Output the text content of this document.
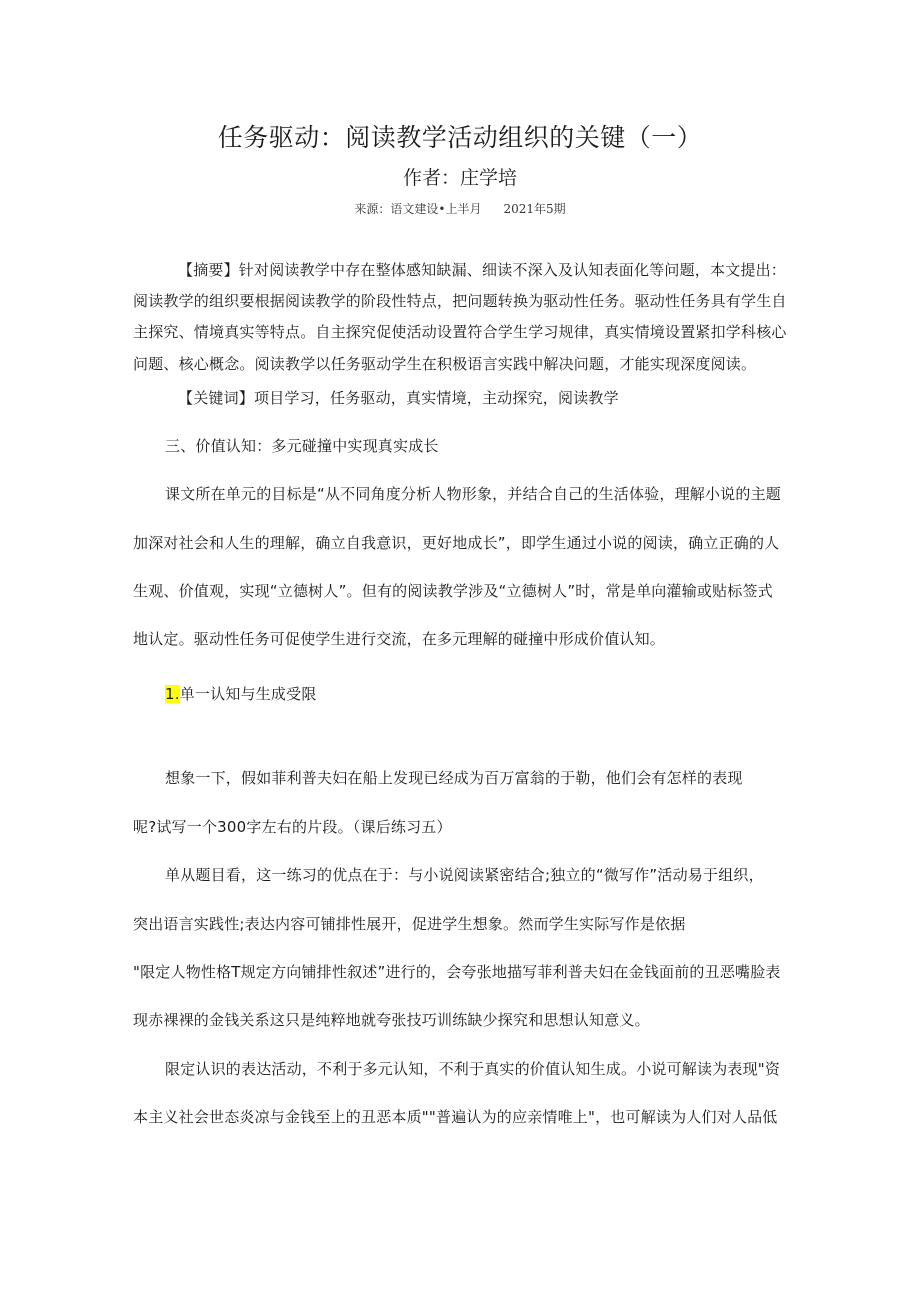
任务驱动：阅读教学活动组织的关键（一）
作者：庄学培
来源：语文建设•上半月 2021年5期
【摘要】针对阅读教学中存在整体感知缺漏、细读不深入及认知表面化等问题，本文提出：
阅读教学的组织要根据阅读教学的阶段性特点，把问题转换为驱动性任务。驱动性任务具有学生自
主探究、情境真实等特点。自主探究促使活动设置符合学生学习规律，真实情境设置紧扣学科核心
问题、核心概念。阅读教学以任务驱动学生在积极语言实践中解决问题，才能实现深度阅读。
【关键词】项目学习，任务驱动，真实情境，主动探究，阅读教学
三、价值认知：多元碰撞中实现真实成长
课文所在单元的目标是“从不同角度分析人物形象，并结合自己的生活体验，理解小说的主题
加深对社会和人生的理解，确立自我意识，更好地成长”，即学生通过小说的阅读，确立正确的人
生观、价值观，实现“立德树人”。但有的阅读教学涉及“立德树人”时，常是单向灌输或贴标签式
地认定。驱动性任务可促使学生进行交流，在多元理解的碰撞中形成价值认知。
1.单一认知与生成受限
想象一下，假如菲利普夫妇在船上发现已经成为百万富翁的于勒，他们会有怎样的表现
呢?试写一个300字左右的片段。（课后练习五）
单从题目看，这一练习的优点在于：与小说阅读紧密结合;独立的“微写作”活动易于组织，
突出语言实践性;表达内容可铺排性展开，促进学生想象。然而学生实际写作是依据
"限定人物性格T规定方向铺排性叙述”进行的，会夸张地描写菲利普夫妇在金钱面前的丑恶嘴脸表
现赤裸裸的金钱关系这只是纯粹地就夸张技巧训练缺少探究和思想认知意义。
限定认识的表达活动，不利于多元认知，不利于真实的价值认知生成。小说可解读为表现"资
本主义社会世态炎凉与金钱至上的丑恶本质""普遍认为的应亲情唯上"，也可解读为人们对人品低
